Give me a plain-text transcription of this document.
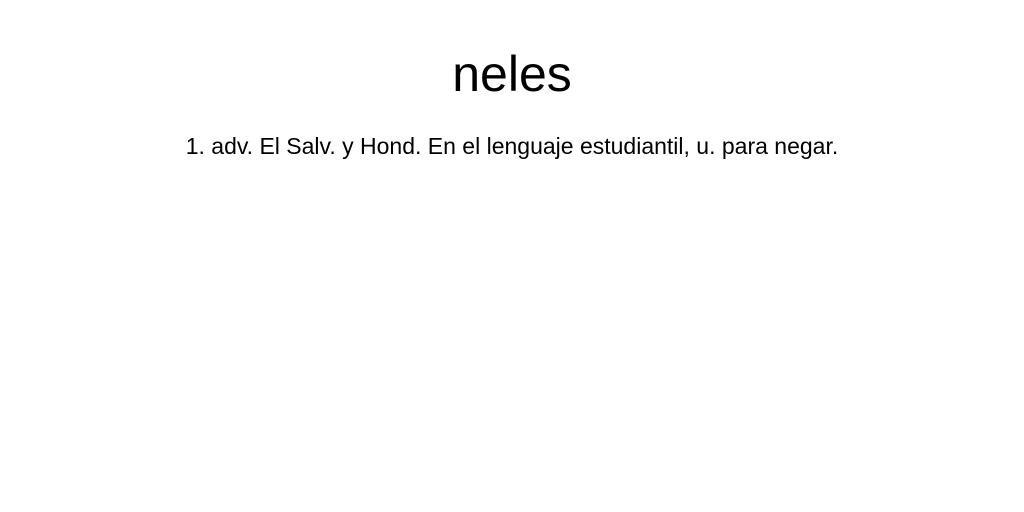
neles

1. adv. El Salv. y Hond. En el lenguaje estudiantil, u. para negar.
